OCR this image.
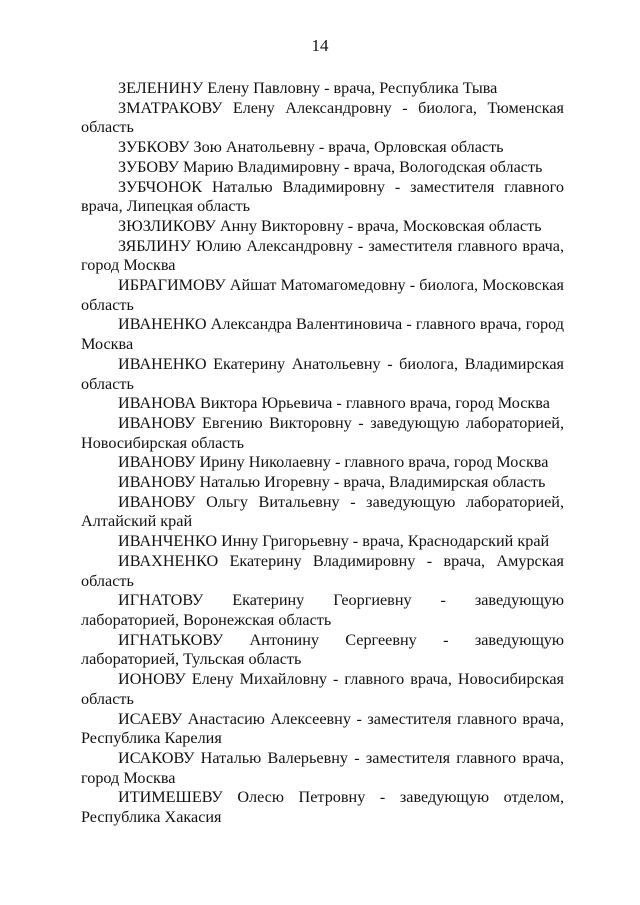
14

ЗЕЛЕНИНУ Елену Павловну - врача, Республика Тыва

ЗМАТРАКОВУ Елену Александровну - биолога, Тюменская область

ЗУБКОВУ Зою Анатольевну - врача, Орловская область

ЗУБОВУ Марию Владимировну - врача, Вологодская область

ЗУБЧОНОК Наталью Владимировну - заместителя главного врача, Липецкая область

ЗЮЗЛИКОВУ Анну Викторовну - врача, Московская область

ЗЯБЛИНУ Юлию Александровну - заместителя главного врача, город Москва

ИБРАГИМОВУ Айшат Матомагомедовну - биолога, Московская область

ИВАНЕНКО Александра Валентиновича - главного врача, город Москва

ИВАНЕНКО Екатерину Анатольевну - биолога, Владимирская область

ИВАНОВА Виктора Юрьевича - главного врача, город Москва

ИВАНОВУ Евгению Викторовну - заведующую лабораторией, Новосибирская область

ИВАНОВУ Ирину Николаевну - главного врача, город Москва

ИВАНОВУ Наталью Игоревну - врача, Владимирская область

ИВАНОВУ Ольгу Витальевну - заведующую лабораторией, Алтайский край

ИВАНЧЕНКО Инну Григорьевну - врача, Краснодарский край

ИВАХНЕНКО Екатерину Владимировну - врача, Амурская область

ИГНАТОВУ Екатерину Георгиевну - заведующую лабораторией, Воронежская область

ИГНАТЬКОВУ Антонину Сергеевну - заведующую лабораторией, Тульская область

ИОНОВУ Елену Михайловну - главного врача, Новосибирская область

ИСАЕВУ Анастасию Алексеевну - заместителя главного врача, Республика Карелия

ИСАКОВУ Наталью Валерьевну - заместителя главного врача, город Москва

ИТИМЕШЕВУ Олесю Петровну - заведующую отделом, Республика Хакасия
